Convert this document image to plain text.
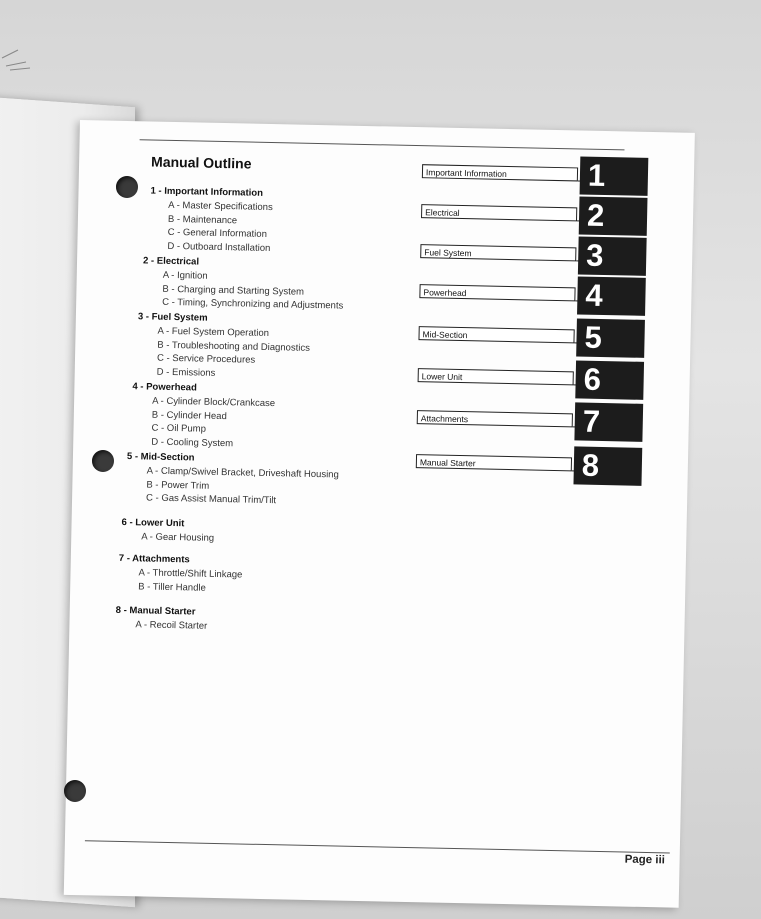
Manual Outline
1 - Important Information
A - Master Specifications
B - Maintenance
C - General Information
D - Outboard Installation
2 - Electrical
A - Ignition
B - Charging and Starting System
C - Timing, Synchronizing and Adjustments
3 - Fuel System
A - Fuel System Operation
B - Troubleshooting and Diagnostics
C - Service Procedures
D - Emissions
4 - Powerhead
A - Cylinder Block/Crankcase
B - Cylinder Head
C - Oil Pump
D - Cooling System
5 - Mid-Section
A - Clamp/Swivel Bracket, Driveshaft Housing
B - Power Trim
C - Gas Assist Manual Trim/Tilt
6 - Lower Unit
A - Gear Housing
7 - Attachments
A - Throttle/Shift Linkage
B - Tiller Handle
8 - Manual Starter
A - Recoil Starter
Important Information	1
Electrical	2
Fuel System	3
Powerhead	4
Mid-Section	5
Lower Unit	6
Attachments	7
Manual Starter	8
Page iii
